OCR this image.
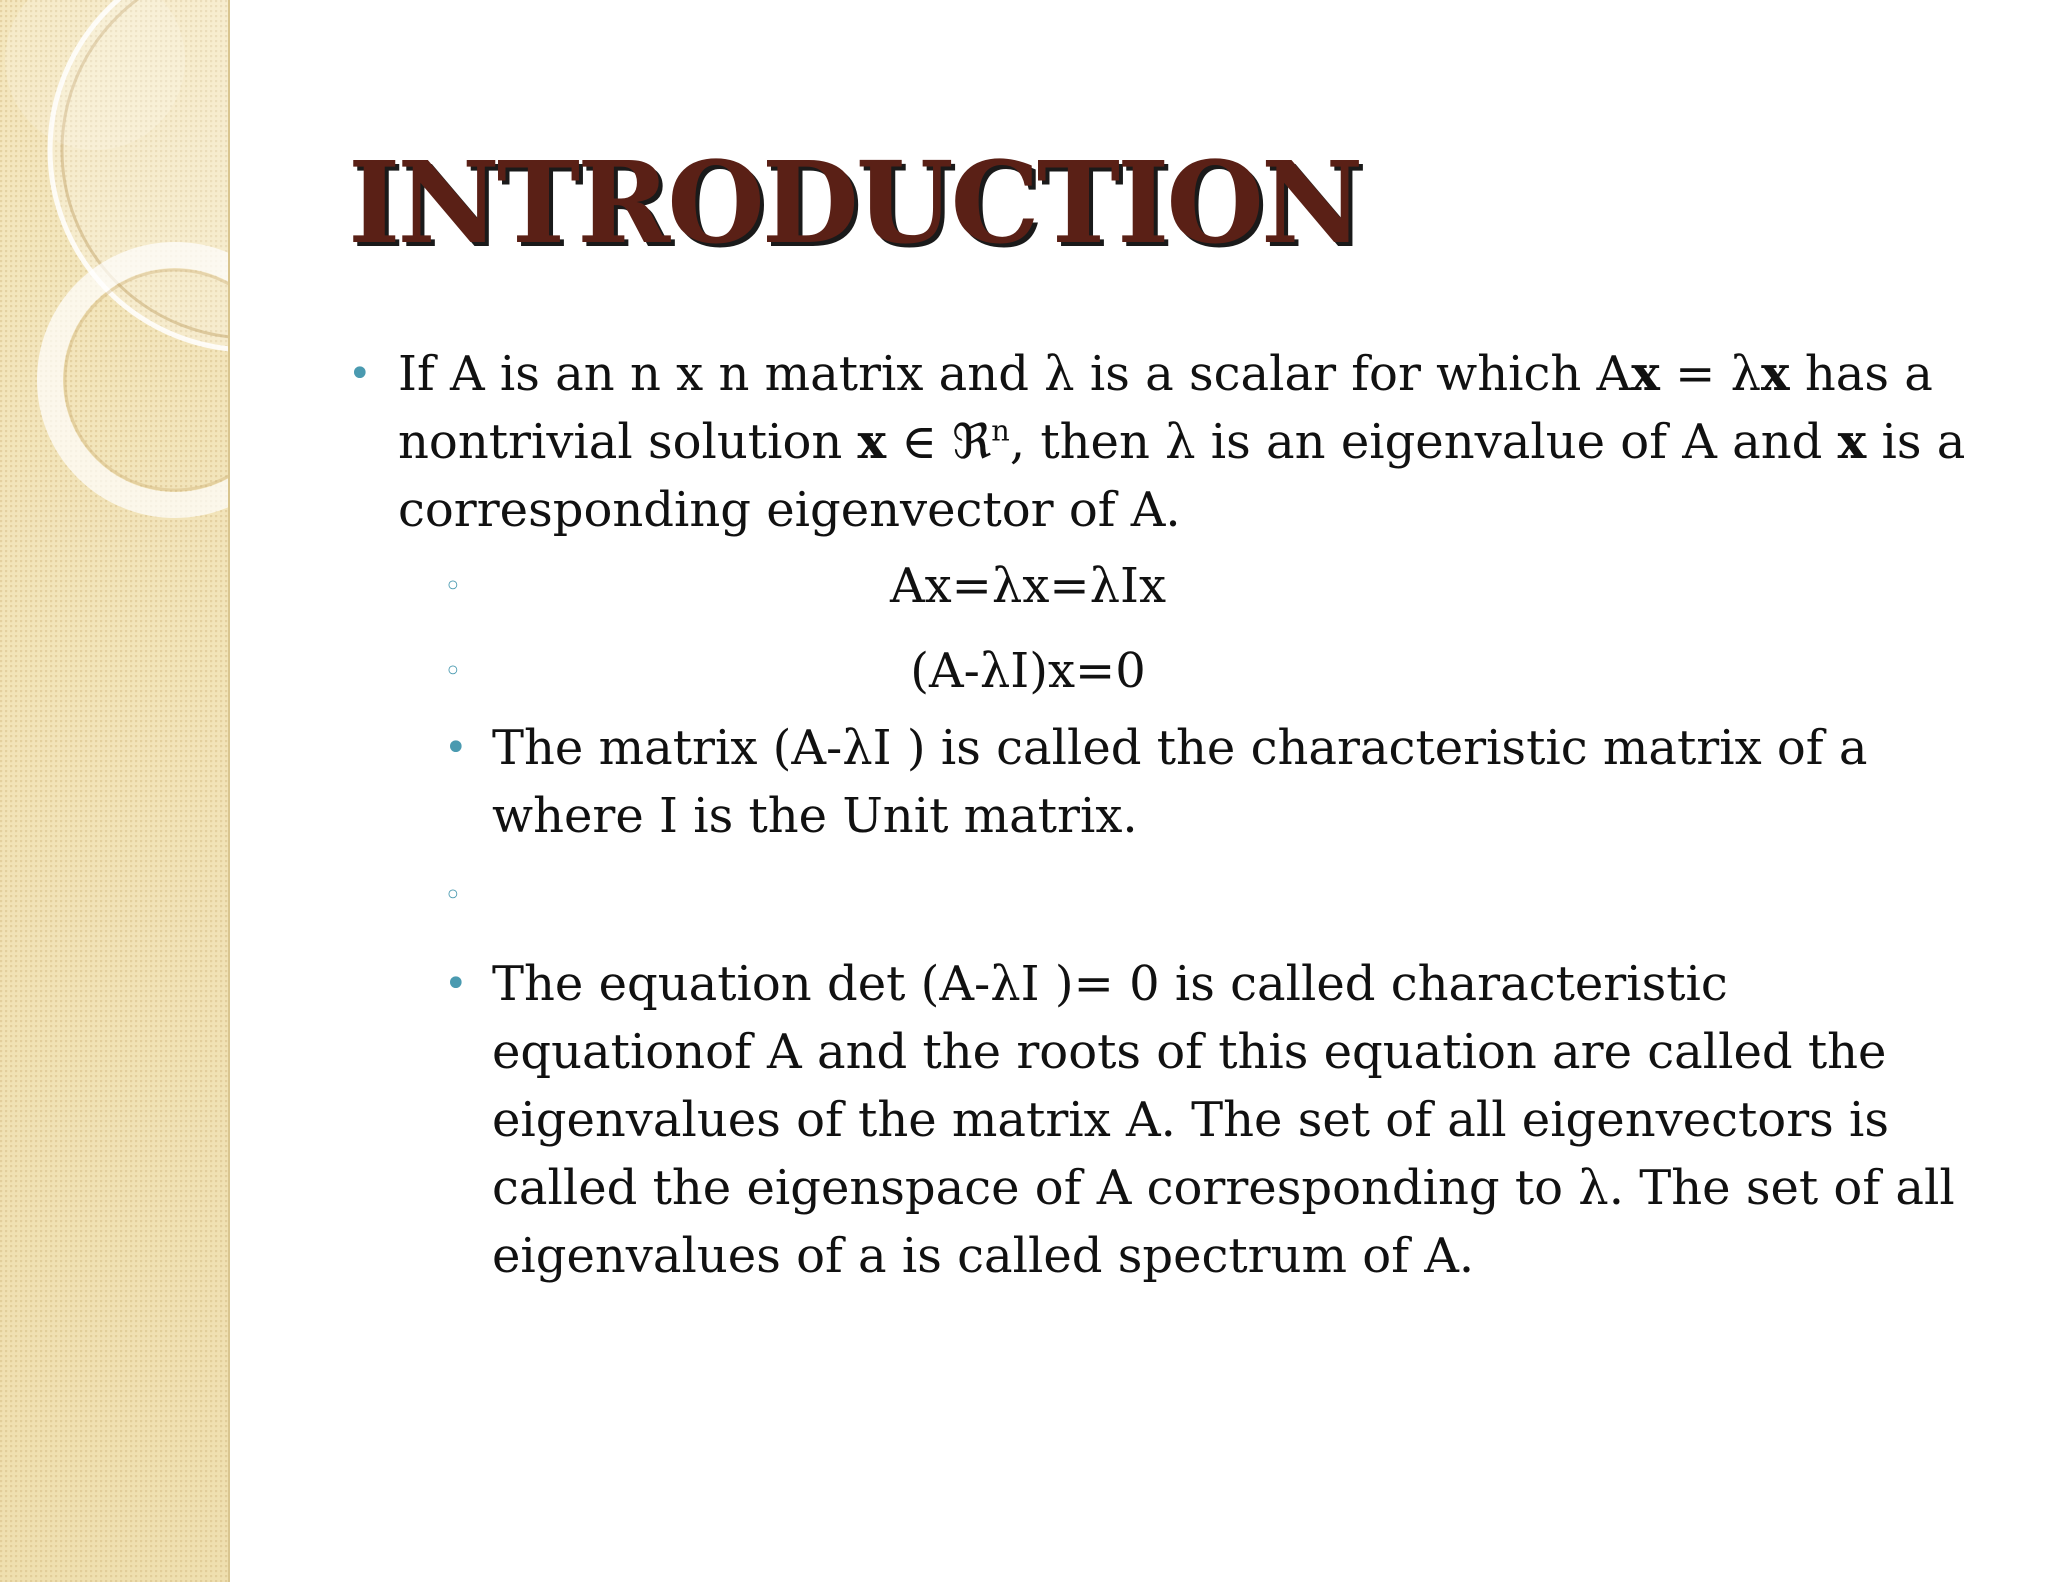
INTRODUCTION
• If A is an n x n matrix and λ is a scalar for which Ax = λx has a nontrivial solution x ∈ ℜ$^n$, then λ is an eigenvalue of A and x is a corresponding eigenvector of A.
◦	Ax=λx=λIx
◦	(A-λI)x=0
• The matrix (A-λI ) is called the characteristic matrix of a where I is the Unit matrix.
◦
• The equation det (A-λI )= 0 is called characteristic equationof A and the roots of this equation are called the eigenvalues of the matrix A. The set of all eigenvectors is called the eigenspace of A corresponding to λ. The set of all eigenvalues of a is called spectrum of A.
